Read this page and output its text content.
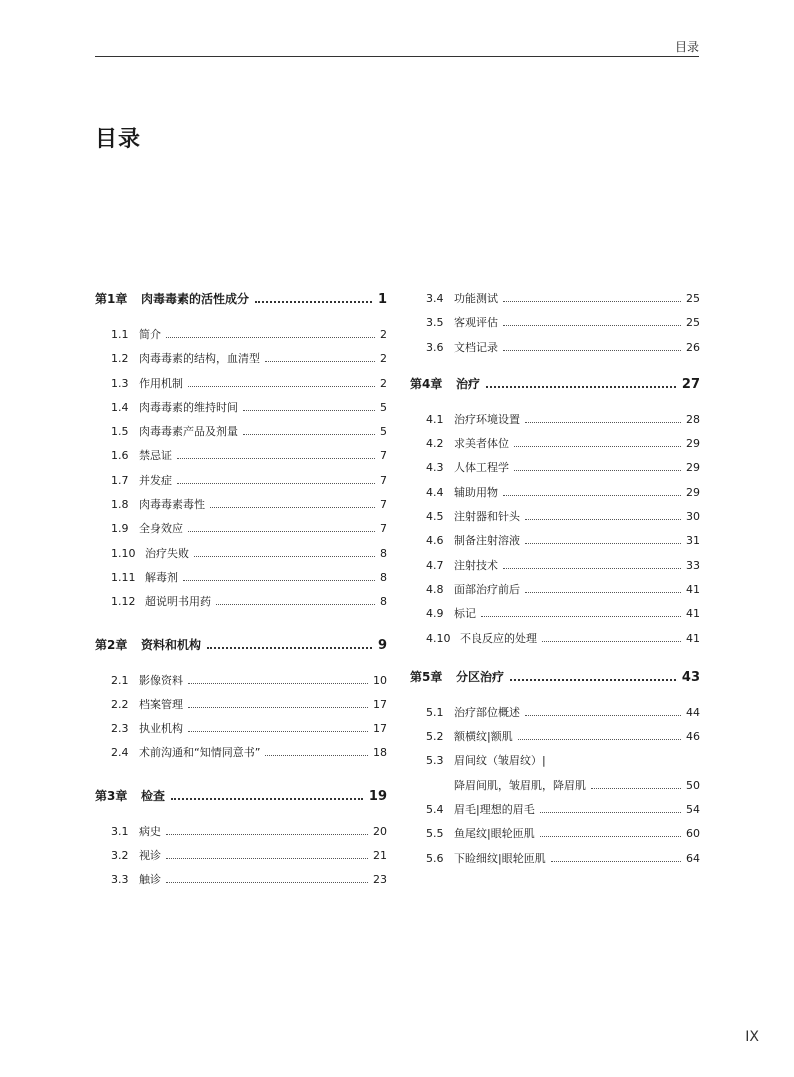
目录
目录
第1章	肉毒毒素的活性成分	1
1.1 简介	2
1.2 肉毒毒素的结构，血清型	2
1.3 作用机制	2
1.4 肉毒毒素的维持时间	5
1.5 肉毒毒素产品及剂量	5
1.6 禁忌证	7
1.7 并发症	7
1.8 肉毒毒素毒性	7
1.9 全身效应	7
1.10 治疗失败	8
1.11 解毒剂	8
1.12 超说明书用药	8
第2章	资料和机构	9
2.1 影像资料	10
2.2 档案管理	17
2.3 执业机构	17
2.4 术前沟通和“知情同意书”	18
第3章	检查	19
3.1 病史	20
3.2 视诊	21
3.3 触诊	23
3.4 功能测试	25
3.5 客观评估	25
3.6 文档记录	26
第4章	治疗	27
4.1 治疗环境设置	28
4.2 求美者体位	29
4.3 人体工程学	29
4.4 辅助用物	29
4.5 注射器和针头	30
4.6 制备注射溶液	31
4.7 注射技术	33
4.8 面部治疗前后	41
4.9 标记	41
4.10 不良反应的处理	41
第5章	分区治疗	43
5.1 治疗部位概述	44
5.2 额横纹|额肌	46
5.3 眉间纹（皱眉纹）|
降眉间肌，皱眉肌，降眉肌	50
5.4 眉毛|理想的眉毛	54
5.5 鱼尾纹|眼轮匝肌	60
5.6 下睑细纹|眼轮匝肌	64
IX
